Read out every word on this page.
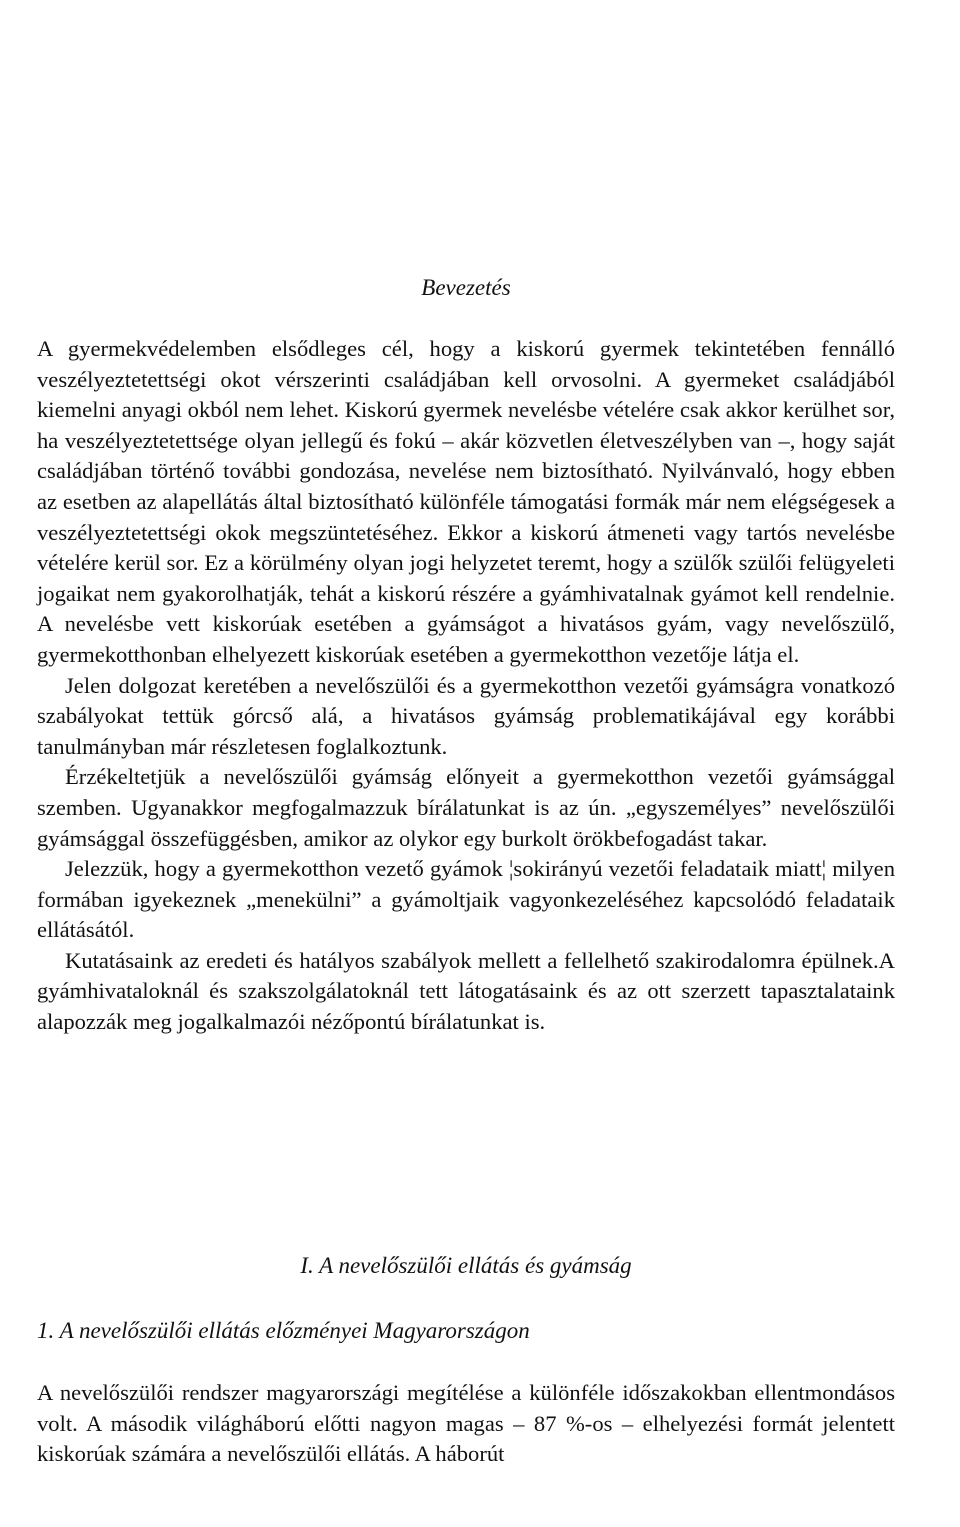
Bevezetés

A gyermekvédelemben elsődleges cél, hogy a kiskorú gyermek tekintetében fennálló veszélyeztetettségi okot vérszerinti családjában kell orvosolni. A gyermeket családjából kiemelni anyagi okból nem lehet. Kiskorú gyermek nevelésbe vételére csak akkor kerülhet sor, ha veszélyeztetettsége olyan jellegű és fokú – akár közvetlen életveszélyben van –, hogy saját családjában történő további gondozása, nevelése nem biztosítható. Nyilvánvaló, hogy ebben az esetben az alapellátás által biztosítható különféle támogatási formák már nem elégségesek a veszélyeztetettségi okok megszüntetéséhez. Ekkor a kiskorú átmeneti vagy tartós nevelésbe vételére kerül sor. Ez a körülmény olyan jogi helyzetet teremt, hogy a szülők szülői felügyeleti jogaikat nem gyakorolhatják, tehát a kiskorú részére a gyámhivatalnak gyámot kell rendelnie. A nevelésbe vett kiskorúak esetében a gyámságot a hivatásos gyám, vagy nevelőszülő, gyermekotthonban elhelyezett kiskorúak esetében a gyermekotthon vezetője látja el.

Jelen dolgozat keretében a nevelőszülői és a gyermekotthon vezetői gyámságra vonatkozó szabályokat tettük górcső alá, a hivatásos gyámság problematikájával egy korábbi tanulmányban már részletesen foglalkoztunk.

Érzékeltetjük a nevelőszülői gyámság előnyeit a gyermekotthon vezetői gyámsággal szemben. Ugyanakkor megfogalmazzuk bírálatunkat is az ún. „egyszemélyes” nevelőszülői gyámsággal összefüggésben, amikor az olykor egy burkolt örökbefogadást takar.

Jelezzük, hogy a gyermekotthon vezető gyámok ¦sokirányú vezetői feladataik miatt¦ milyen formában igyekeznek „menekülni” a gyámoltjaik vagyonkezeléséhez kapcsolódó feladataik ellátásától.

Kutatásaink az eredeti és hatályos szabályok mellett a fellelhető szakirodalomra épülnek.A gyámhivataloknál és szakszolgálatoknál tett látogatásaink és az ott szerzett tapasztalataink alapozzák meg jogalkalmazói nézőpontú bírálatunkat is.

I. A nevelőszülői ellátás és gyámság
1. A nevelőszülői ellátás előzményei Magyarországon

A nevelőszülői rendszer magyarországi megítélése a különféle időszakokban ellentmondásos volt. A második világháború előtti nagyon magas – 87 %-os – elhelyezési formát jelentett kiskorúak számára a nevelőszülői ellátás. A háborút
